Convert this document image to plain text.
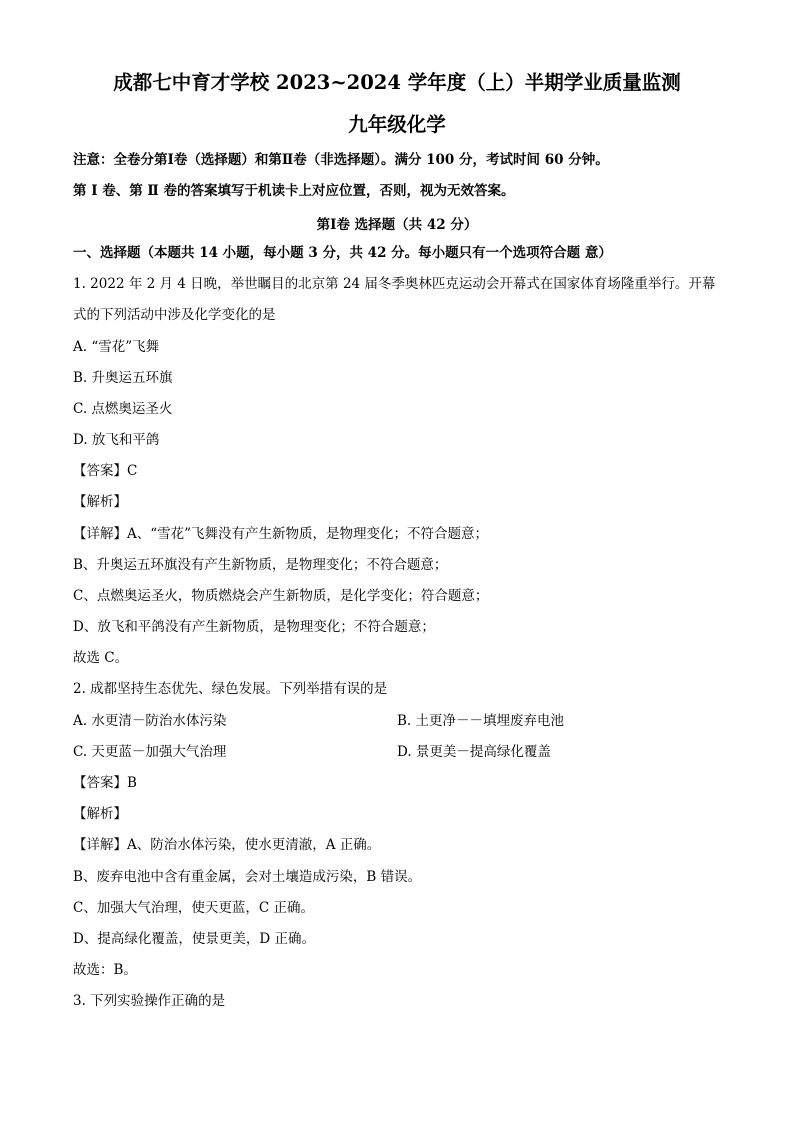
成都七中育才学校 2023~2024 学年度（上）半期学业质量监测
九年级化学
注意：全卷分第Ⅰ卷（选择题）和第Ⅱ卷（非选择题）。满分 100 分，考试时间 60 分钟。
第 Ⅰ 卷、第 Ⅱ 卷的答案填写于机读卡上对应位置，否则，视为无效答案。
第Ⅰ卷 选择题（共 42 分）
一、选择题（本题共 14 小题，每小题 3 分，共 42 分。每小题只有一个选项符合题 意）
1. 2022 年 2 月 4 日晚，举世瞩目的北京第 24 届冬季奥林匹克运动会开幕式在国家体育场隆重举行。开幕
式的下列活动中涉及化学变化的是
A. “雪花”飞舞
B. 升奥运五环旗
C. 点燃奥运圣火
D. 放飞和平鸽
【答案】C
【解析】
【详解】A、“雪花”飞舞没有产生新物质，是物理变化；不符合题意；
B、升奥运五环旗没有产生新物质，是物理变化；不符合题意；
C、点燃奥运圣火，物质燃烧会产生新物质，是化学变化；符合题意；
D、放飞和平鸽没有产生新物质，是物理变化；不符合题意；
故选 C。
2. 成都坚持生态优先、绿色发展。下列举措有误的是
A. 水更清－防治水体污染	B. 土更净－－填埋废弃电池
C. 天更蓝－加强大气治理	D. 景更美－提高绿化覆盖
【答案】B
【解析】
【详解】A、防治水体污染，使水更清澈，A 正确。
B、废弃电池中含有重金属，会对土壤造成污染，B 错误。
C、加强大气治理，使天更蓝，C 正确。
D、提高绿化覆盖，使景更美，D 正确。
故选：B。
3. 下列实验操作正确的是
